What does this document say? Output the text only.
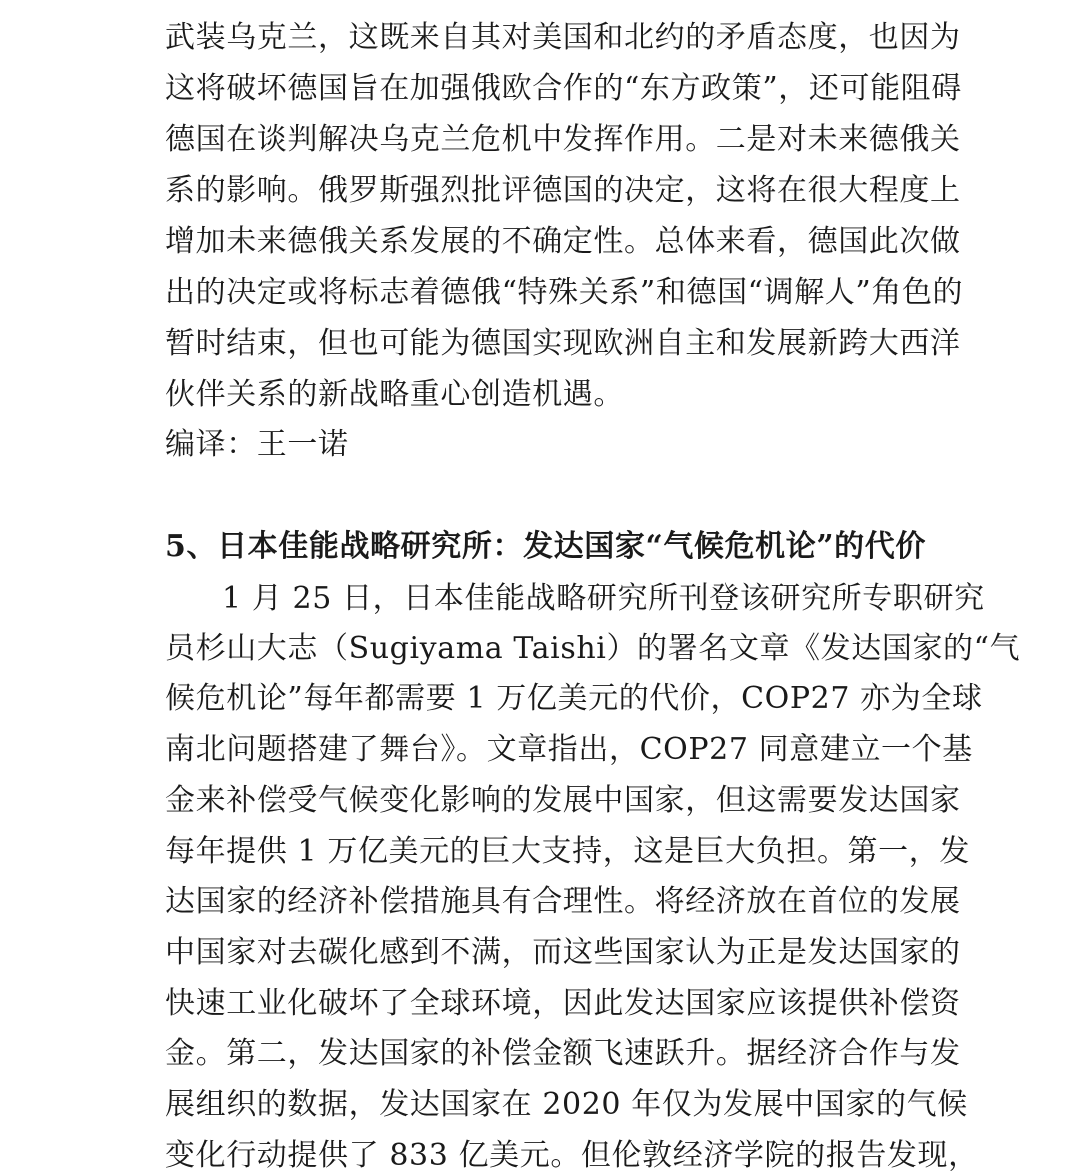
武装乌克兰，这既来自其对美国和北约的矛盾态度，也因为
这将破坏德国旨在加强俄欧合作的“东方政策”，还可能阻碍
德国在谈判解决乌克兰危机中发挥作用。二是对未来德俄关
系的影响。俄罗斯强烈批评德国的决定，这将在很大程度上
增加未来德俄关系发展的不确定性。总体来看，德国此次做
出的决定或将标志着德俄“特殊关系”和德国“调解人”角色的
暂时结束，但也可能为德国实现欧洲自主和发展新跨大西洋
伙伴关系的新战略重心创造机遇。
编译：王一诺
5、日本佳能战略研究所：发达国家“气候危机论”的代价
1 月 25 日，日本佳能战略研究所刊登该研究所专职研究
员杉山大志（Sugiyama Taishi）的署名文章《发达国家的“气
候危机论”每年都需要 1 万亿美元的代价，COP27 亦为全球
南北问题搭建了舞台》。文章指出，COP27 同意建立一个基
金来补偿受气候变化影响的发展中国家，但这需要发达国家
每年提供 1 万亿美元的巨大支持，这是巨大负担。第一，发
达国家的经济补偿措施具有合理性。将经济放在首位的发展
中国家对去碳化感到不满，而这些国家认为正是发达国家的
快速工业化破坏了全球环境，因此发达国家应该提供补偿资
金。第二，发达国家的补偿金额飞速跃升。据经济合作与发
展组织的数据，发达国家在 2020 年仅为发展中国家的气候
变化行动提供了 833 亿美元。但伦敦经济学院的报告发现，
